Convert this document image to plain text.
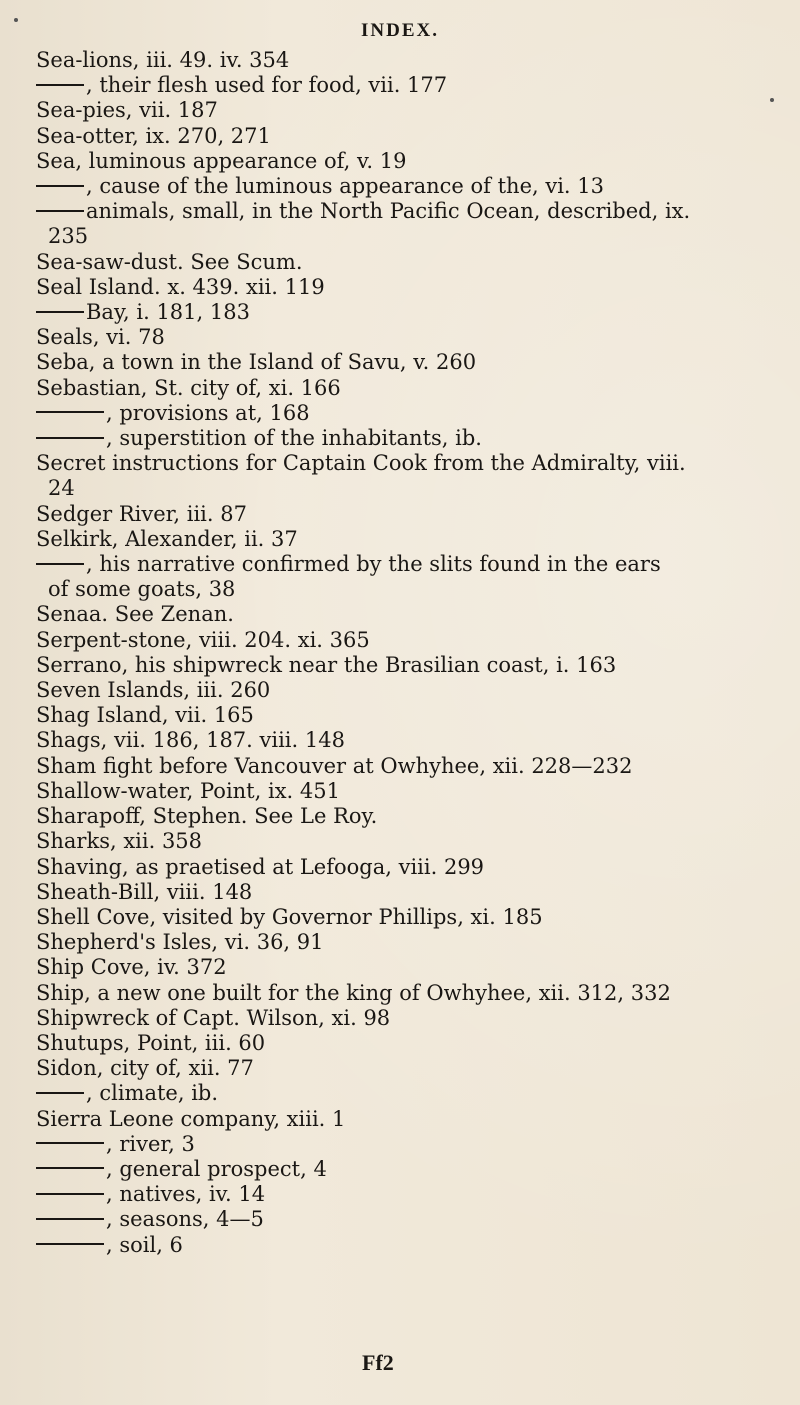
INDEX.
Sea-lions, iii. 49. iv. 354
, their flesh used for food, vii. 177
Sea-pies, vii. 187
Sea-otter, ix. 270, 271
Sea, luminous appearance of, v. 19
, cause of the luminous appearance of the, vi. 13
animals, small, in the North Pacific Ocean, described, ix.
235
Sea-saw-dust. See Scum.
Seal Island. x. 439. xii. 119
Bay, i. 181, 183
Seals, vi. 78
Seba, a town in the Island of Savu, v. 260
Sebastian, St. city of, xi. 166
, provisions at, 168
, superstition of the inhabitants, ib.
Secret instructions for Captain Cook from the Admiralty, viii.
24
Sedger River, iii. 87
Selkirk, Alexander, ii. 37
, his narrative confirmed by the slits found in the ears
of some goats, 38
Senaa. See Zenan.
Serpent-stone, viii. 204. xi. 365
Serrano, his shipwreck near the Brasilian coast, i. 163
Seven Islands, iii. 260
Shag Island, vii. 165
Shags, vii. 186, 187. viii. 148
Sham fight before Vancouver at Owhyhee, xii. 228—232
Shallow-water, Point, ix. 451
Sharapoff, Stephen. See Le Roy.
Sharks, xii. 358
Shaving, as praetised at Lefooga, viii. 299
Sheath-Bill, viii. 148
Shell Cove, visited by Governor Phillips, xi. 185
Shepherd's Isles, vi. 36, 91
Ship Cove, iv. 372
Ship, a new one built for the king of Owhyhee, xii. 312, 332
Shipwreck of Capt. Wilson, xi. 98
Shutups, Point, iii. 60
Sidon, city of, xii. 77
, climate, ib.
Sierra Leone company, xiii. 1
, river, 3
, general prospect, 4
, natives, iv. 14
, seasons, 4—5
, soil, 6
Ff2
